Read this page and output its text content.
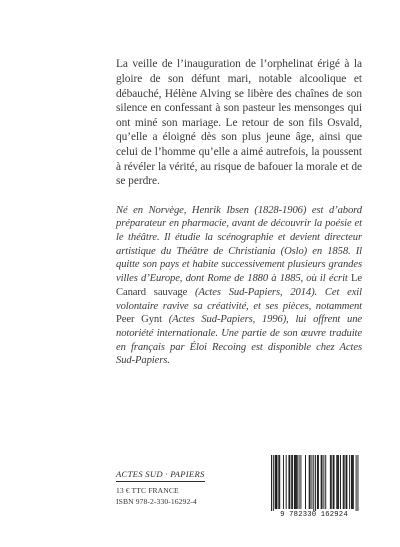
La veille de l’inauguration de l’orphelinat érigé à la gloire de son défunt mari, notable alcoolique et débauché, Hélène Alving se libère des chaînes de son silence en confessant à son pasteur les mensonges qui ont miné son mariage. Le retour de son fils Osvald, qu’elle a éloigné dès son plus jeune âge, ainsi que celui de l’homme qu’elle a aimé autrefois, la poussent à révéler la vérité, au risque de bafouer la morale et de se perdre.

Né en Norvège, Henrik Ibsen (1828-1906) est d’abord préparateur en pharmacie, avant de découvrir la poésie et le théâtre. Il étudie la scénographie et devient directeur artistique du Théâtre de Christiania (Oslo) en 1858. Il quitte son pays et habite successivement plusieurs grandes villes d’Europe, dont Rome de 1880 à 1885, où il écrit Le Canard sauvage (Actes Sud-Papiers, 2014). Cet exil volontaire ravive sa créativité, et ses pièces, notamment Peer Gynt (Actes Sud-Papiers, 1996), lui offrent une notoriété internationale. Une partie de son œuvre traduite en français par Éloi Recoing est disponible chez Actes Sud-Papiers.

ACTES SUD · PAPIERS
13 € TTC FRANCE
ISBN 978-2-330-16292-4
9 782330 162924
